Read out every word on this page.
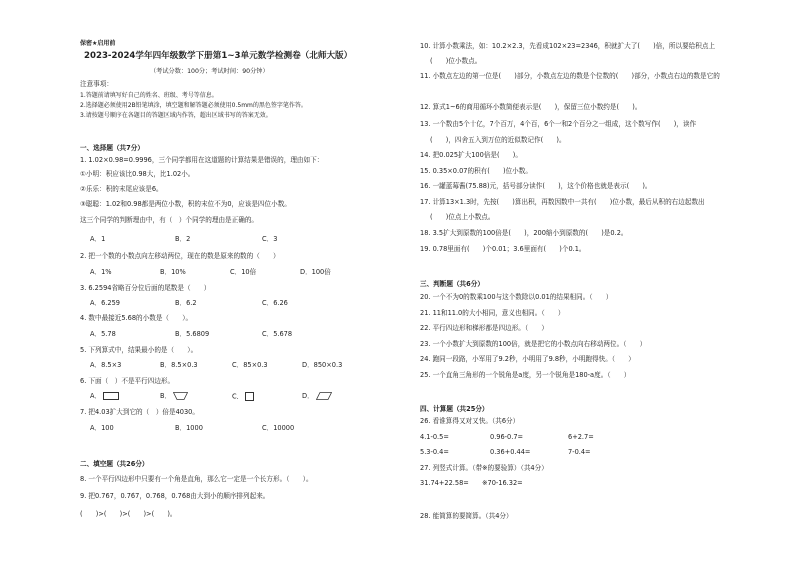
保密★启用前
2023-2024学年四年级数学下册第1~3单元数学检测卷（北师大版）
（考试分数：100分；考试时间：90分钟）
注意事项：
1.答题前请填写好自己的姓名、班级、考号等信息。
2.选择题必须使用2B铅笔填涂，填空题和解答题必须使用0.5mm的黑色签字笔作答。
3.请按题号顺序在各题目的答题区域内作答，超出区域书写的答案无效。
一、选择题（共7分）
1. 1.02×0.98=0.9996，三个同学都用在这道题的计算结果是错误的，理由如下：
①小明：积应该比0.98大，比1.02小。
②乐乐：积的末尾应该是6。
③聪聪：1.02和0.98都是两位小数，积的末位不为0，应该是四位小数。
这三个同学的判断理由中，有（　）个同学的理由是正确的。
A．1	B．2	C．3
2. 把一个数的小数点向左移动两位，现在的数是原来的数的（　　）
A．1%	B．10%	C．10倍	D．100倍
3. 6.2594省略百分位后面的尾数是（　　）
A．6.259	B．6.2	C．6.26
4. 数中最接近5.68的小数是（　　）。
A．5.78	B．5.6809	C．5.678
5. 下列算式中，结果最小的是（　　）。
A．8.5×3	B．8.5×0.3	C．85×0.3	D．850×0.3
6. 下面（　）不是平行四边形。
A．	B．	C．	D．
7. 把4.03扩大到它的（　）倍是4030。
A．100	B．1000	C．10000
二、填空题（共26分）
8. 一个平行四边形中只要有一个角是直角，那么它一定是一个长方形。（　　）。
9. 把0.767，0.76̇7，0.768，0.76̇8由大到小的顺序排列起来。
(　　)>(　　)>(　　)>(　　)。
10. 计算小数乘法，如：10.2×2.3，先看成102×23=2346，积就扩大了(　　)倍，所以要给积点上
(　　)位小数点。
11. 小数点左边的第一位是(　　)部分，小数点左边的数是个位数的(　　)部分，小数点右边的数是它的
12. 算式1~6的商用循环小数简便表示是(　　)，保留三位小数约是(　　)。
13. 一个数由5个十亿，7个百万，4个百，6个一和2个百分之一组成，这个数写作(　　)，读作
(　　)，四舍五入到万位的近似数记作(　　)。
14. 把0.025扩大100倍是(　　)。
15. 0.35×0.07的积有(　　)位小数。
16. 一罐蓝莓酱(75.88)元，括号部分读作(　　)，这个价格也就是表示(　　)。
17. 计算13×1.3时，先按(　　)算出积，再数因数中一共有(　　)位小数，最后从积的右边起数出
(　　)位点上小数点。
18. 3.5扩大到原数的100倍是(　　)，200缩小到原数的(　　)是0.2。
19. 0.78里面有(　　)个0.01；3.6里面有(　　)个0.1。
三、判断题（共6分）
20. 一个不为0的数乘100与这个数除以0.01的结果相同。（　　）
21. 11和11.0的大小相同，意义也相同。（　　）
22. 平行四边形和梯形都是四边形。（　　）
23. 一个小数扩大到原数的100倍，就是把它的小数点向右移动两位。（　　）
24. 跑同一段路，小军用了9.2秒，小明用了9.8秒，小明跑得快。（　　）
25. 一个直角三角形的一个锐角是a度，另一个锐角是180-a度。（　　）
四、计算题（共25分）
26. 看谁算得又对又快。（共6分）
4.1-0.5=	0.96-0.7=	6+2.7=
5.3-0.4=	0.36+0.44=	7-0.4=
27. 列竖式计算。（带※的要验算）（共4分）
31.74+22.58=　　※70-16.32=
28. 能简算的要简算。（共4分）
